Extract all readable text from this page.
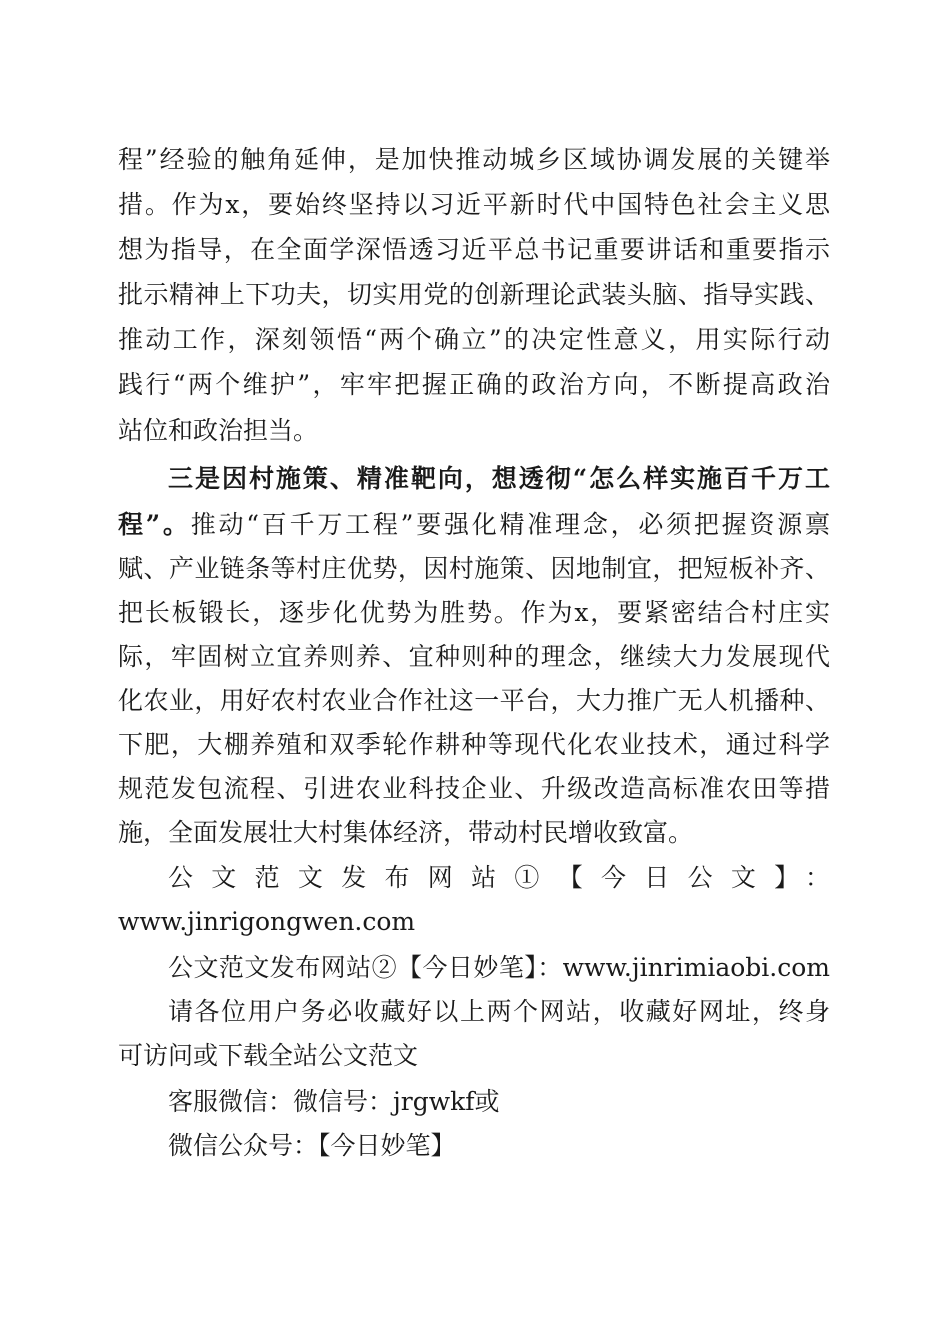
程”经验的触角延伸，是加快推动城乡区域协调发展的关键举
措。作为x，要始终坚持以习近平新时代中国特色社会主义思
想为指导，在全面学深悟透习近平总书记重要讲话和重要指示
批示精神上下功夫，切实用党的创新理论武装头脑、指导实践、
推动工作，深刻领悟“两个确立”的决定性意义，用实际行动
践行“两个维护”，牢牢把握正确的政治方向，不断提高政治
站位和政治担当。
三是因村施策、精准靶向，想透彻“怎么样实施百千万工
程”。推动“百千万工程”要强化精准理念，必须把握资源禀
赋、产业链条等村庄优势，因村施策、因地制宜，把短板补齐、
把长板锻长，逐步化优势为胜势。作为x，要紧密结合村庄实
际，牢固树立宜养则养、宜种则种的理念，继续大力发展现代
化农业，用好农村农业合作社这一平台，大力推广无人机播种、
下肥，大棚养殖和双季轮作耕种等现代化农业技术，通过科学
规范发包流程、引进农业科技企业、升级改造高标准农田等措
施，全面发展壮大村集体经济，带动村民增收致富。
公文范文发布网站①【今日公文】：
www.jinrigongwen.com
公文范文发布网站②【今日妙笔】：www.jinrimiaobi.com
请各位用户务必收藏好以上两个网站，收藏好网址，终身
可访问或下载全站公文范文
客服微信：微信号：jrgwkf或
微信公众号：【今日妙笔】
